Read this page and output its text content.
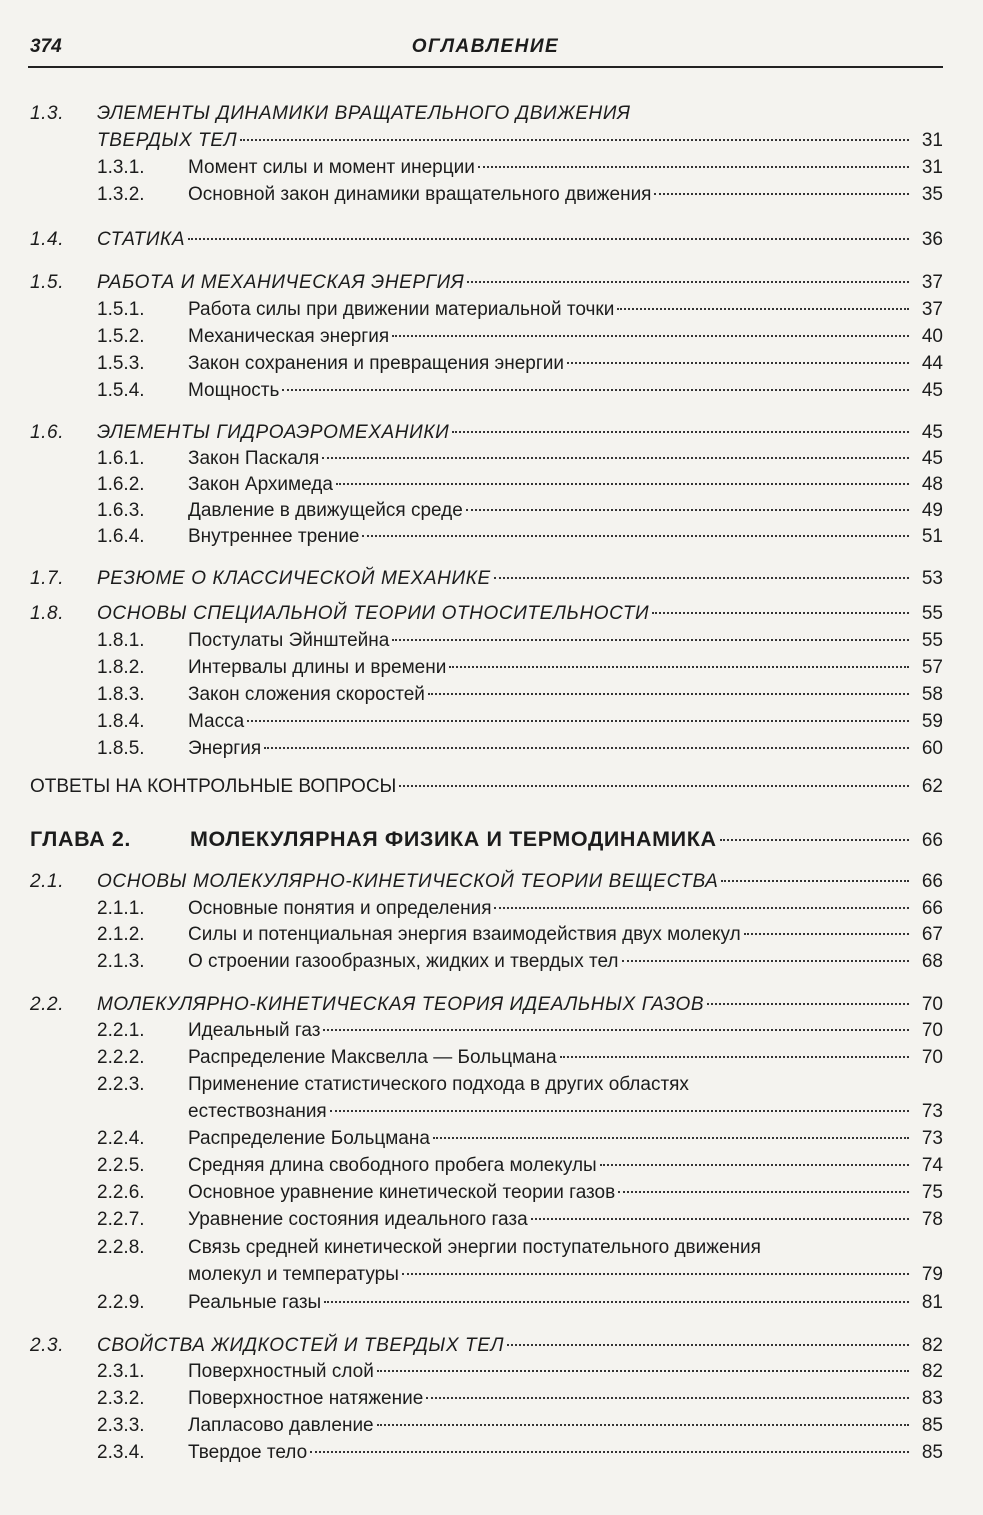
374	ОГЛАВЛЕНИЕ
1.3. ЭЛЕМЕНТЫ ДИНАМИКИ ВРАЩАТЕЛЬНОГО ДВИЖЕНИЯ
ТВЕРДЫХ ТЕЛ	31
1.3.1. Момент силы и момент инерции	31
1.3.2. Основной закон динамики вращательного движения	35
1.4. СТАТИКА	36
1.5. РАБОТА И МЕХАНИЧЕСКАЯ ЭНЕРГИЯ	37
1.5.1. Работа силы при движении материальной точки	37
1.5.2. Механическая энергия	40
1.5.3. Закон сохранения и превращения энергии	44
1.5.4. Мощность	45
1.6. ЭЛЕМЕНТЫ ГИДРОАЭРОМЕХАНИКИ	45
1.6.1. Закон Паскаля	45
1.6.2. Закон Архимеда	48
1.6.3. Давление в движущейся среде	49
1.6.4. Внутреннее трение	51
1.7. РЕЗЮМЕ О КЛАССИЧЕСКОЙ МЕХАНИКЕ	53
1.8. ОСНОВЫ СПЕЦИАЛЬНОЙ ТЕОРИИ ОТНОСИТЕЛЬНОСТИ	55
1.8.1. Постулаты Эйнштейна	55
1.8.2. Интервалы длины и времени	57
1.8.3. Закон сложения скоростей	58
1.8.4. Масса	59
1.8.5. Энергия	60
ОТВЕТЫ НА КОНТРОЛЬНЫЕ ВОПРОСЫ	62
ГЛАВА 2.	МОЛЕКУЛЯРНАЯ ФИЗИКА И ТЕРМОДИНАМИКА	66
2.1. ОСНОВЫ МОЛЕКУЛЯРНО-КИНЕТИЧЕСКОЙ ТЕОРИИ ВЕЩЕСТВА	66
2.1.1. Основные понятия и определения	66
2.1.2. Силы и потенциальная энергия взаимодействия двух молекул	67
2.1.3. О строении газообразных, жидких и твердых тел	68
2.2. МОЛЕКУЛЯРНО-КИНЕТИЧЕСКАЯ ТЕОРИЯ ИДЕАЛЬНЫХ ГАЗОВ	70
2.2.1. Идеальный газ	70
2.2.2. Распределение Максвелла — Больцмана	70
2.2.3. Применение статистического подхода в других областях
естествознания	73
2.2.4. Распределение Больцмана	73
2.2.5. Средняя длина свободного пробега молекулы	74
2.2.6. Основное уравнение кинетической теории газов	75
2.2.7. Уравнение состояния идеального газа	78
2.2.8. Связь средней кинетической энергии поступательного движения
молекул и температуры	79
2.2.9. Реальные газы	81
2.3. СВОЙСТВА ЖИДКОСТЕЙ И ТВЕРДЫХ ТЕЛ	82
2.3.1. Поверхностный слой	82
2.3.2. Поверхностное натяжение	83
2.3.3. Лапласово давление	85
2.3.4. Твердое тело	85
